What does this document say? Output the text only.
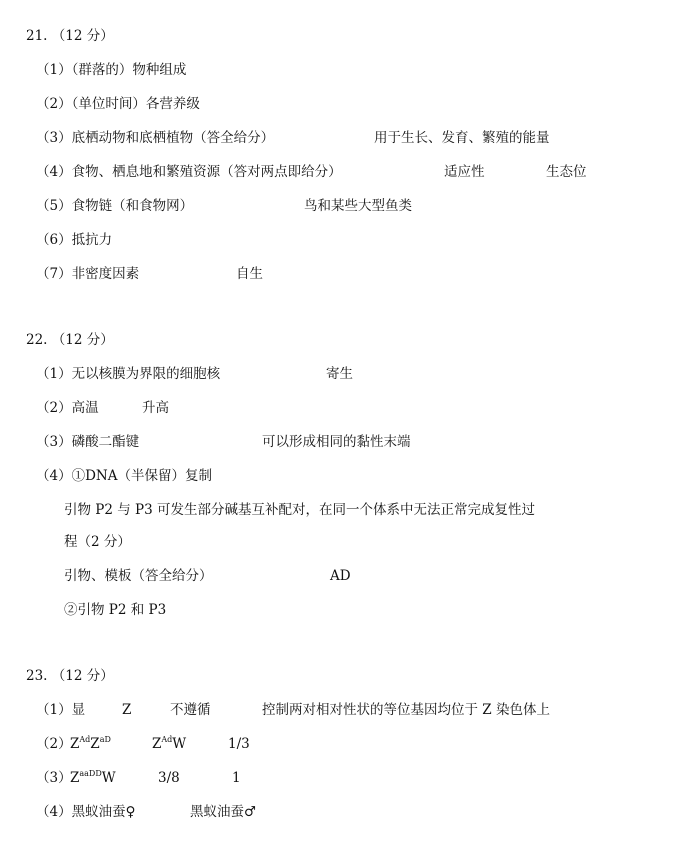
21. （12 分）
（1）（群落的）物种组成
（2）（单位时间）各营养级
（3）底栖动物和底栖植物（答全给分）	用于生长、发育、繁殖的能量
（4）食物、栖息地和繁殖资源（答对两点即给分）	适应性	生态位
（5）食物链（和食物网）	鸟和某些大型鱼类
（6）抵抗力
（7）非密度因素	自生
22. （12 分）
（1）无以核膜为界限的细胞核	寄生
（2）高温	升高
（3）磷酸二酯键	可以形成相同的黏性末端
（4）①DNA（半保留）复制
引物 P2 与 P3 可发生部分碱基互补配对，在同一个体系中无法正常完成复性过
程（2 分）
引物、模板（答全给分）	AD
②引物 P2 和 P3
23. （12 分）
（1）显	Z	不遵循	控制两对相对性状的等位基因均位于 Z 染色体上
（2）
$Z^{Ad}Z^{aD}$	$Z^{Ad}W$	1/3
（3）
$Z^{aaDD}W$	3/8	1
（4）黑蚁油蚕♀	黑蚁油蚕♂
